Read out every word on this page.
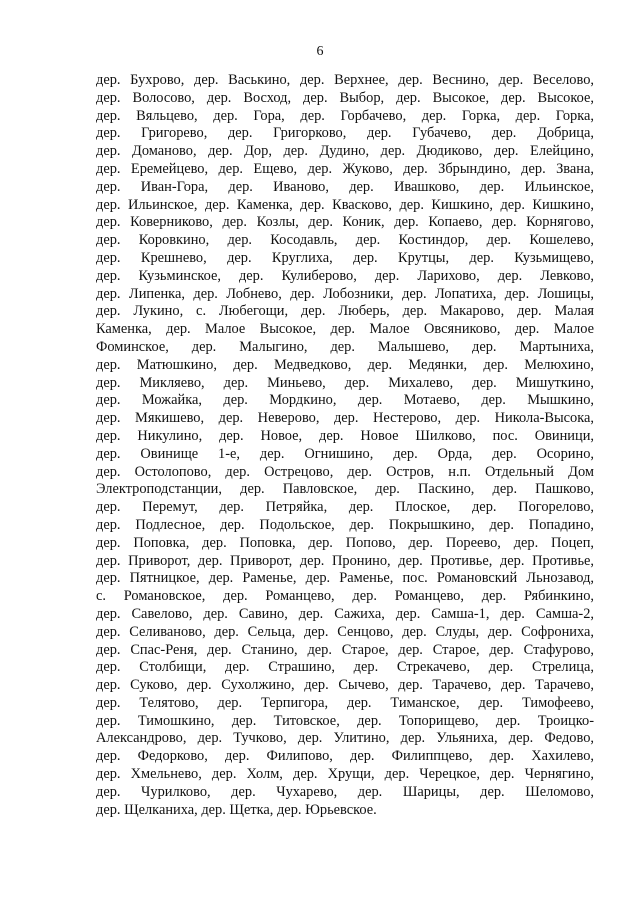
6
дер. Бухрово, дер. Васькино, дер. Верхнее, дер. Веснино, дер. Веселово,
дер. Волосово, дер. Восход, дер. Выбор, дер. Высокое, дер. Высокое,
дер. Вяльцево, дер. Гора, дер. Горбачево, дер. Горка, дер. Горка,
дер. Григорево, дер. Григорково, дер. Губачево, дер. Добрица,
дер. Доманово, дер. Дор, дер. Дудино, дер. Дюдиково, дер. Елейцино,
дер. Еремейцево, дер. Ещево, дер. Жуково, дер. Збрындино, дер. Звана,
дер. Иван-Гора, дер. Иваново, дер. Ивашково, дер. Ильинское,
дер. Ильинское, дер. Каменка, дер. Квасково, дер. Кишкино, дер. Кишкино,
дер. Коверниково, дер. Козлы, дер. Коник, дер. Копаево, дер. Корнягово,
дер. Коровкино, дер. Косодавль, дер. Костиндор, дер. Кошелево,
дер. Крешнево, дер. Круглиха, дер. Крутцы, дер. Кузьмищево,
дер. Кузьминское, дер. Кулиберово, дер. Ларихово, дер. Левково,
дер. Липенка, дер. Лобнево, дер. Лобозники, дер. Лопатиха, дер. Лошицы,
дер. Лукино, с. Любегощи, дер. Люберь, дер. Макарово, дер. Малая
Каменка, дер. Малое Высокое, дер. Малое Овсяниково, дер. Малое
Фоминское, дер. Малыгино, дер. Малышево, дер. Мартыниха,
дер. Матюшкино, дер. Медведково, дер. Медянки, дер. Мелюхино,
дер. Микляево, дер. Миньево, дер. Михалево, дер. Мишуткино,
дер. Можайка, дер. Мордкино, дер. Мотаево, дер. Мышкино,
дер. Мякишево, дер. Неверово, дер. Нестерово, дер. Никола-Высока,
дер. Никулино, дер. Новое, дер. Новое Шилково, пос. Овиници,
дер. Овинище 1-е, дер. Огнишино, дер. Орда, дер. Осорино,
дер. Остолопово, дер. Острецово, дер. Остров, н.п. Отдельный Дом
Электроподстанции, дер. Павловское, дер. Паскино, дер. Пашково,
дер. Перемут, дер. Петряйка, дер. Плоское, дер. Погорелово,
дер. Подлесное, дер. Подольское, дер. Покрышкино, дер. Попадино,
дер. Поповка, дер. Поповка, дер. Попово, дер. Пореево, дер. Поцеп,
дер. Приворот, дер. Приворот, дер. Пронино, дер. Противье, дер. Противье,
дер. Пятницкое, дер. Раменье, дер. Раменье, пос. Романовский Льнозавод,
с. Романовское, дер. Романцево, дер. Романцево, дер. Рябинкино,
дер. Савелово, дер. Савино, дер. Сажиха, дер. Самша-1, дер. Самша-2,
дер. Селиваново, дер. Сельца, дер. Сенцово, дер. Слуды, дер. Софрониха,
дер. Спас-Реня, дер. Станино, дер. Старое, дер. Старое, дер. Стафурово,
дер. Столбищи, дер. Страшино, дер. Стрекачево, дер. Стрелица,
дер. Суково, дер. Сухолжино, дер. Сычево, дер. Тарачево, дер. Тарачево,
дер. Телятово, дер. Терпигора, дер. Тиманское, дер. Тимофеево,
дер. Тимошкино, дер. Титовское, дер. Топорищево, дер. Троицко-
Александрово, дер. Тучково, дер. Улитино, дер. Ульяниха, дер. Федово,
дер. Федорково, дер. Филипово, дер. Филиппцево, дер. Хахилево,
дер. Хмельнево, дер. Холм, дер. Хрущи, дер. Черецкое, дер. Чернягино,
дер. Чурилково, дер. Чухарево, дер. Шарицы, дер. Шеломово,
дер. Щелканиха, дер. Щетка, дер. Юрьевское.
